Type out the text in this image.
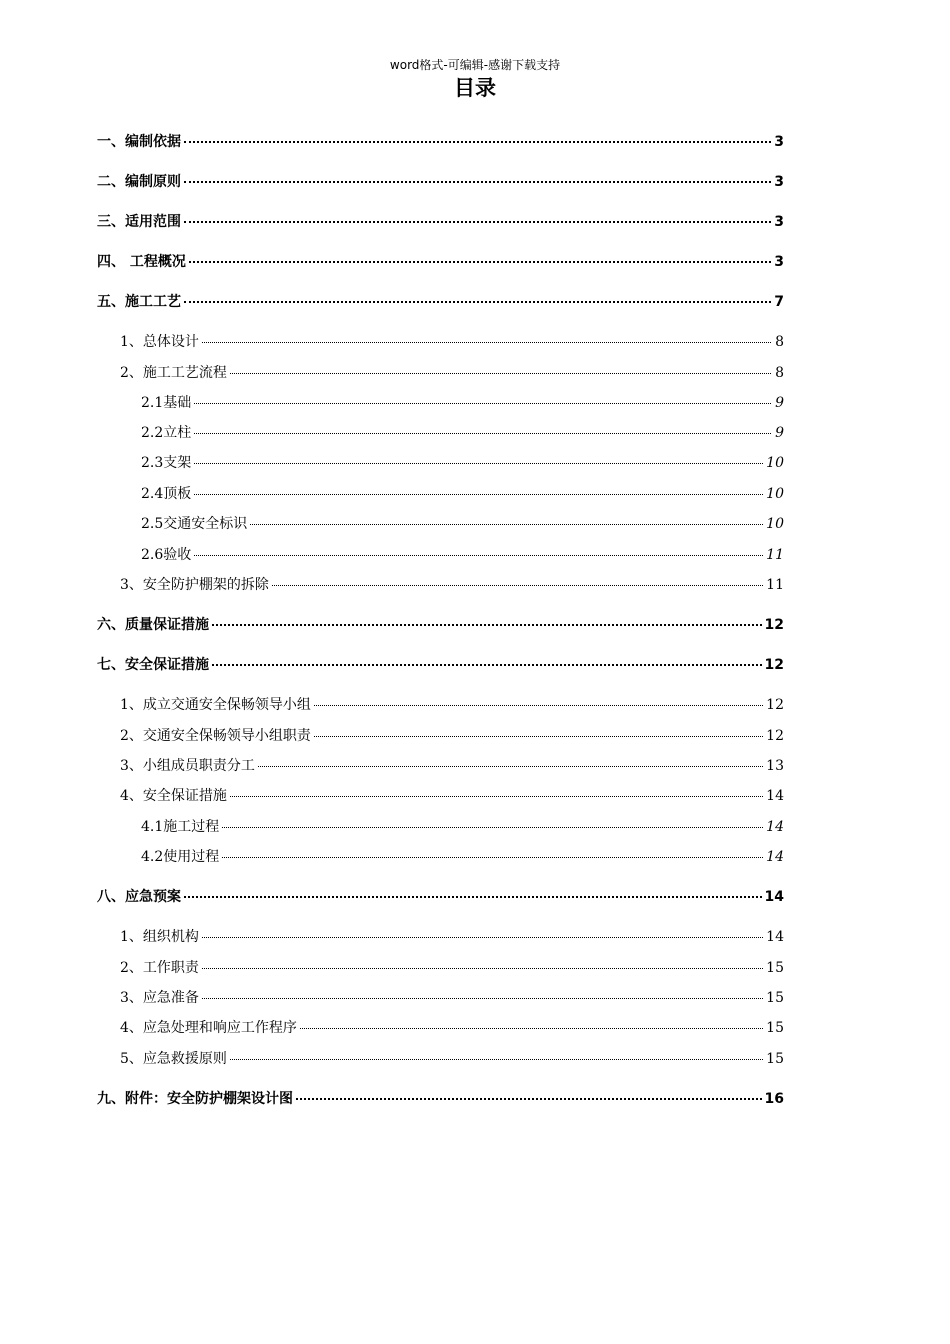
word格式-可编辑-感谢下载支持
目录
一、编制依据	3
二、编制原则	3
三、适用范围	3
四、 工程概况	3
五、施工工艺	7
1、总体设计	8
2、施工工艺流程	8
2.1基础	9
2.2立柱	9
2.3支架	10
2.4顶板	10
2.5交通安全标识	10
2.6验收	11
3、安全防护棚架的拆除	11
六、质量保证措施	12
七、安全保证措施	12
1、成立交通安全保畅领导小组	12
2、交通安全保畅领导小组职责	12
3、小组成员职责分工	13
4、安全保证措施	14
4.1施工过程	14
4.2使用过程	14
八、应急预案	14
1、组织机构	14
2、工作职责	15
3、应急准备	15
4、应急处理和响应工作程序	15
5、应急救援原则	15
九、附件：安全防护棚架设计图	16
